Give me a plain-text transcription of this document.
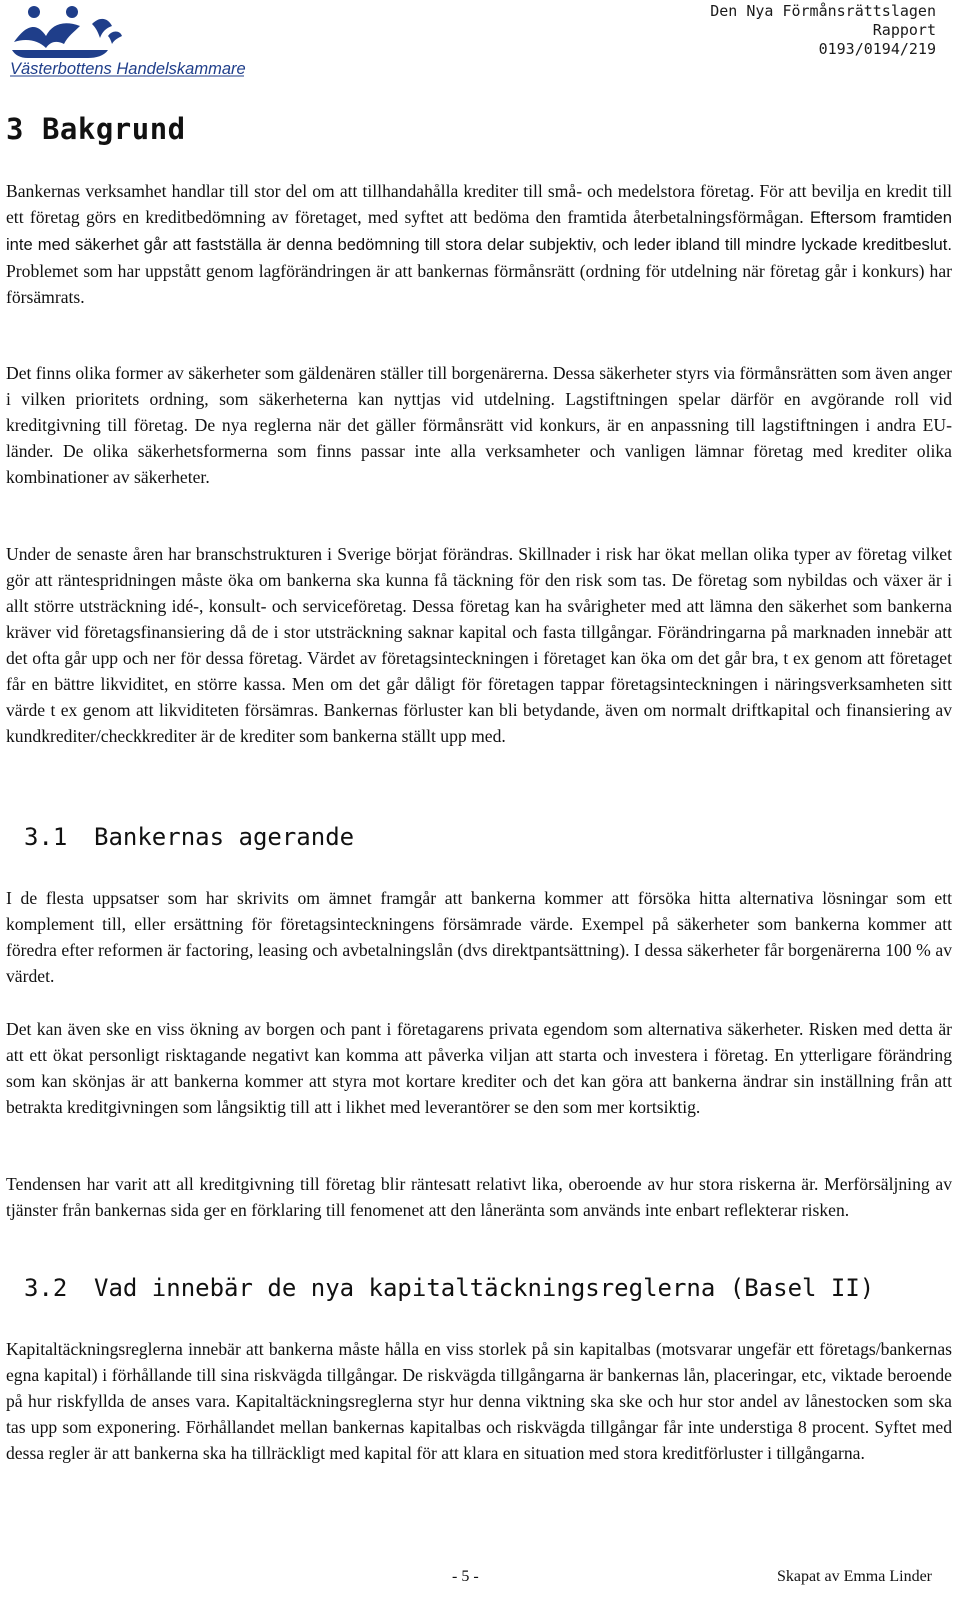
Västerbottens Handelskammare
Den Nya Förmånsrättslagen
Rapport
0193/0194/219
3 Bakgrund

Bankernas verksamhet handlar till stor del om att tillhandahålla krediter till små- och medelstora företag. För att bevilja en kredit till ett företag görs en kreditbedömning av företaget, med syftet att bedöma den framtida återbetalningsförmågan. Eftersom framtiden inte med säkerhet går att fastställa är denna bedömning till stora delar subjektiv, och leder ibland till mindre lyckade kreditbeslut. Problemet som har uppstått genom lagförändringen är att bankernas förmånsrätt (ordning för utdelning när företag går i konkurs) har försämrats.

Det finns olika former av säkerheter som gäldenären ställer till borgenärerna. Dessa säkerheter styrs via förmånsrätten som även anger i vilken prioritets ordning, som säkerheterna kan nyttjas vid utdelning. Lagstiftningen spelar därför en avgörande roll vid kreditgivning till företag. De nya reglerna när det gäller förmånsrätt vid konkurs, är en anpassning till lagstiftningen i andra EU-länder. De olika säkerhetsformerna som finns passar inte alla verksamheter och vanligen lämnar företag med krediter olika kombinationer av säkerheter.

Under de senaste åren har branschstrukturen i Sverige börjat förändras. Skillnader i risk har ökat mellan olika typer av företag vilket gör att räntespridningen måste öka om bankerna ska kunna få täckning för den risk som tas. De företag som nybildas och växer är i allt större utsträckning idé-, konsult- och serviceföretag. Dessa företag kan ha svårigheter med att lämna den säkerhet som bankerna kräver vid företagsfinansiering då de i stor utsträckning saknar kapital och fasta tillgångar. Förändringarna på marknaden innebär att det ofta går upp och ner för dessa företag. Värdet av företagsinteckningen i företaget kan öka om det går bra, t ex genom att företaget får en bättre likviditet, en större kassa. Men om det går dåligt för företagen tappar företagsinteckningen i näringsverksamheten sitt värde t ex genom att likviditeten försämras. Bankernas förluster kan bli betydande, även om normalt driftkapital och finansiering av kundkrediter/checkkrediter är de krediter som bankerna ställt upp med.

3.1 Bankernas agerande

I de flesta uppsatser som har skrivits om ämnet framgår att bankerna kommer att försöka hitta alternativa lösningar som ett komplement till, eller ersättning för företagsinteckningens försämrade värde. Exempel på säkerheter som bankerna kommer att föredra efter reformen är factoring, leasing och avbetalningslån (dvs direktpantsättning). I dessa säkerheter får borgenärerna 100 % av värdet.

Det kan även ske en viss ökning av borgen och pant i företagarens privata egendom som alternativa säkerheter. Risken med detta är att ett ökat personligt risktagande negativt kan komma att påverka viljan att starta och investera i företag. En ytterligare förändring som kan skönjas är att bankerna kommer att styra mot kortare krediter och det kan göra att bankerna ändrar sin inställning från att betrakta kreditgivningen som långsiktig till att i likhet med leverantörer se den som mer kortsiktig.

Tendensen har varit att all kreditgivning till företag blir räntesatt relativt lika, oberoende av hur stora riskerna är. Merförsäljning av tjänster från bankernas sida ger en förklaring till fenomenet att den låneränta som används inte enbart reflekterar risken.

3.2 Vad innebär de nya kapitaltäckningsreglerna (Basel II)

Kapitaltäckningsreglerna innebär att bankerna måste hålla en viss storlek på sin kapitalbas (motsvarar ungefär ett företags/bankernas egna kapital) i förhållande till sina riskvägda tillgångar. De riskvägda tillgångarna är bankernas lån, placeringar, etc, viktade beroende på hur riskfyllda de anses vara. Kapitaltäckningsreglerna styr hur denna viktning ska ske och hur stor andel av lånestocken som ska tas upp som exponering. Förhållandet mellan bankernas kapitalbas och riskvägda tillgångar får inte understiga 8 procent. Syftet med dessa regler är att bankerna ska ha tillräckligt med kapital för att klara en situation med stora kreditförluster i tillgångarna.

- 5 -	Skapat av Emma Linder
